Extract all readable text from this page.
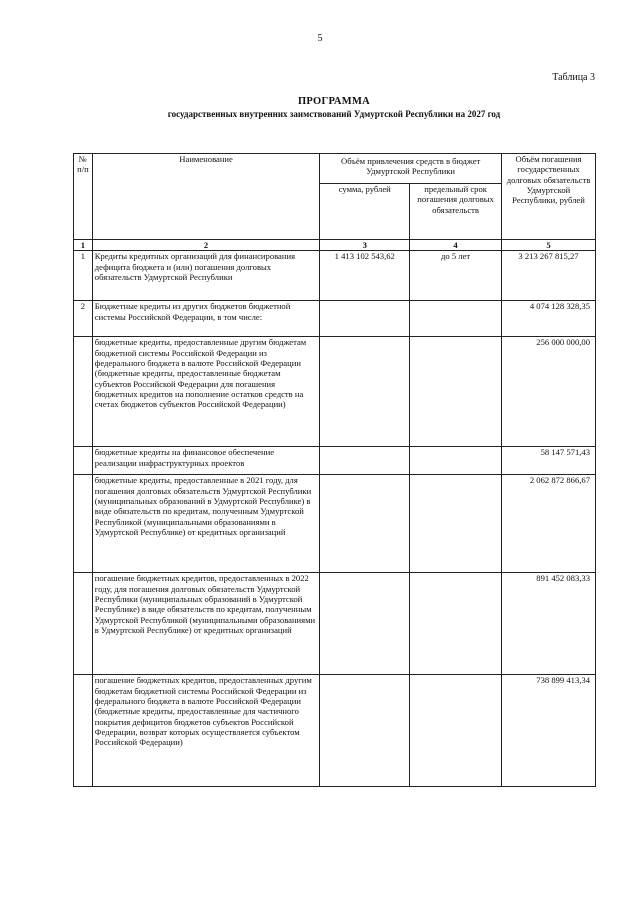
5
Таблица 3
ПРОГРАММА
государственных внутренних заимствований Удмуртской Республики на 2027 год
№ п/п	Наименование	Объём привлечения средств в бюджет Удмуртской Республики		Объём погашения государственных долговых обязательств Удмуртской Республики, рублей
		сумма, рублей	предельный срок погашения долговых обязательств	
1	2	3	4	5
1	Кредиты кредитных организаций для финансирования дефицита бюджета и (или) погашения долговых обязательств Удмуртской Республики	1 413 102 543,62	до 5 лет	3 213 267 815,27
2	Бюджетные кредиты из других бюджетов бюджетной системы Российской Федерации, в том числе:			4 074 128 328,35
	бюджетные кредиты, предоставленные другим бюджетам бюджетной системы Российской Федерации из федерального бюджета в валюте Российской Федерации (бюджетные кредиты, предоставленные бюджетам субъектов Российской Федерации для погашения бюджетных кредитов на пополнение остатков средств на счетах бюджетов субъектов Российской Федерации)			256 000 000,00
	бюджетные кредиты на финансовое обеспечение реализации инфраструктурных проектов			58 147 571,43
	бюджетные кредиты, предоставленные в 2021 году, для погашения долговых обязательств Удмуртской Республики (муниципальных образований в Удмуртской Республике) в виде обязательств по кредитам, полученным Удмуртской Республикой (муниципальными образованиями в Удмуртской Республике) от кредитных организаций			2 062 872 866,67
	погашение бюджетных кредитов, предоставленных в 2022 году, для погашения долговых обязательств Удмуртской Республики (муниципальных образований в Удмуртской Республике) в виде обязательств по кредитам, полученным Удмуртской Республикой (муниципальными образованиями в Удмуртской Республике) от кредитных организаций			891 452 083,33
	погашение бюджетных кредитов, предоставленных другим бюджетам бюджетной системы Российской Федерации из федерального бюджета в валюте Российской Федерации (бюджетные кредиты, предоставленные для частичного покрытия дефицитов бюджетов субъектов Российской Федерации, возврат которых осуществляется субъектом Российской Федерации)			738 899 413,34
